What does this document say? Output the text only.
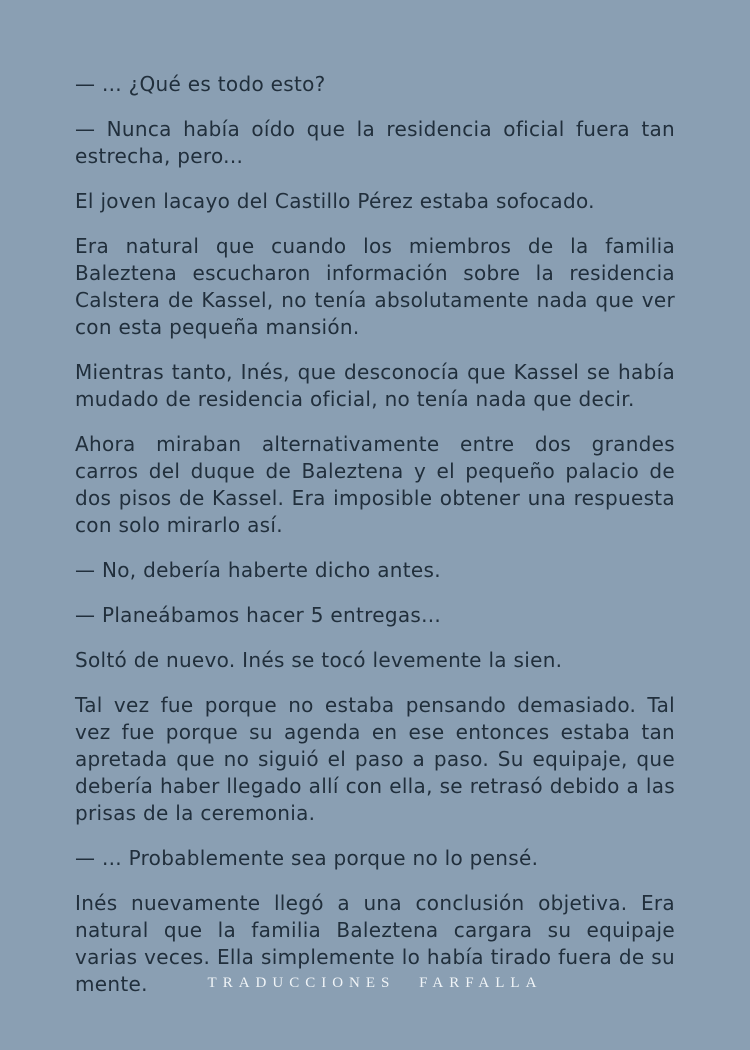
— ... ¿Qué es todo esto?

— Nunca había oído que la residencia oficial fuera tan estrecha, pero...

El joven lacayo del Castillo Pérez estaba sofocado.

Era natural que cuando los miembros de la familia Baleztena escucharon información sobre la residencia Calstera de Kassel, no tenía absolutamente nada que ver con esta pequeña mansión.

Mientras tanto, Inés, que desconocía que Kassel se había mudado de residencia oficial, no tenía nada que decir.

Ahora miraban alternativamente entre dos grandes carros del duque de Baleztena y el pequeño palacio de dos pisos de Kassel. Era imposible obtener una respuesta con solo mirarlo así.

— No, debería haberte dicho antes.

— Planeábamos hacer 5 entregas...

Soltó de nuevo. Inés se tocó levemente la sien.

Tal vez fue porque no estaba pensando demasiado. Tal vez fue porque su agenda en ese entonces estaba tan apretada que no siguió el paso a paso. Su equipaje, que debería haber llegado allí con ella, se retrasó debido a las prisas de la ceremonia.

— ... Probablemente sea porque no lo pensé.

Inés nuevamente llegó a una conclusión objetiva. Era natural que la familia Baleztena cargara su equipaje varias veces. Ella simplemente lo había tirado fuera de su mente.	TRADUCCIONES FARFALLA
